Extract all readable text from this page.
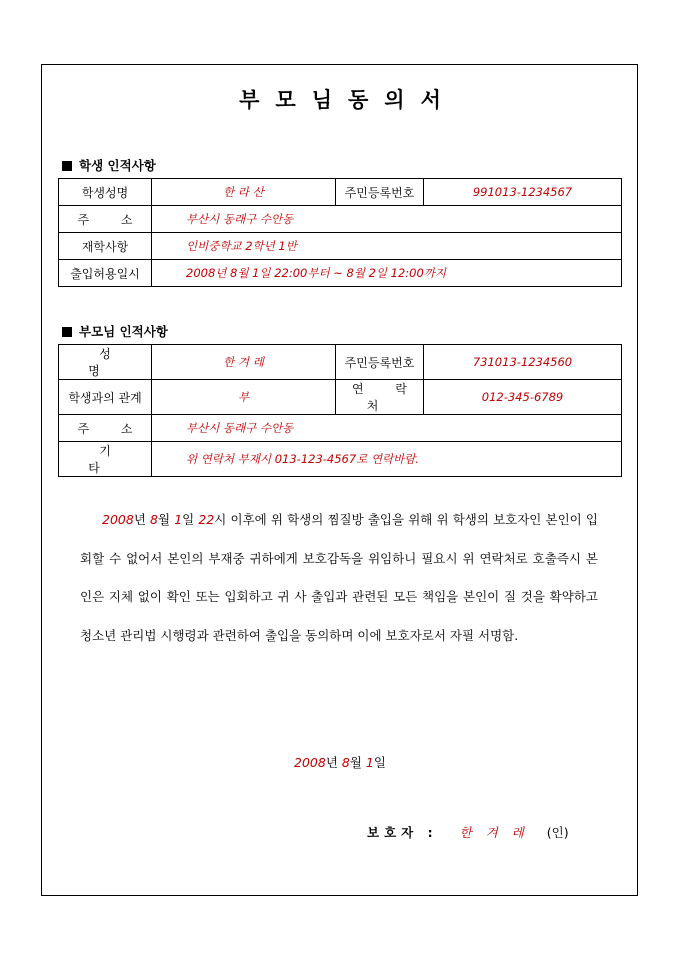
부모님동의서
학생 인적사항
학생성명	한 라 산	주민등록번호	991013-1234567
주 소	부산시 동래구 수안동		
재학사항	인비중학교 2학년 1반		
출입허용일시	2008년 8월 1일 22:00부터 ~ 8월 2일 12:00까지		
부모님 인적사항
성 명	한 겨 레	주민등록번호	731013-1234560
학생과의 관계	부	연 락 처	012-345-6789
주 소	부산시 동래구 수안동		
기 타	위 연락처 부재시 013-123-4567로 연락바람.		
2008년 8월 1일 22시 이후에 위 학생의 찜질방 출입을 위해 위 학생의 보호자인 본인이 입회할 수 없어서 본인의 부재중 귀하에게 보호감독을 위임하니 필요시 위 연락처로 호출즉시 본인은 지체 없이 확인 또는 입회하고 귀 사 출입과 관련된 모든 책임을 본인이 질 것을 확약하고 청소년 관리법 시행령과 관련하여 출입을 동의하며 이에 보호자로서 자필 서명함.
2008년 8월 1일
보호자 : 한 겨 레 (인)
